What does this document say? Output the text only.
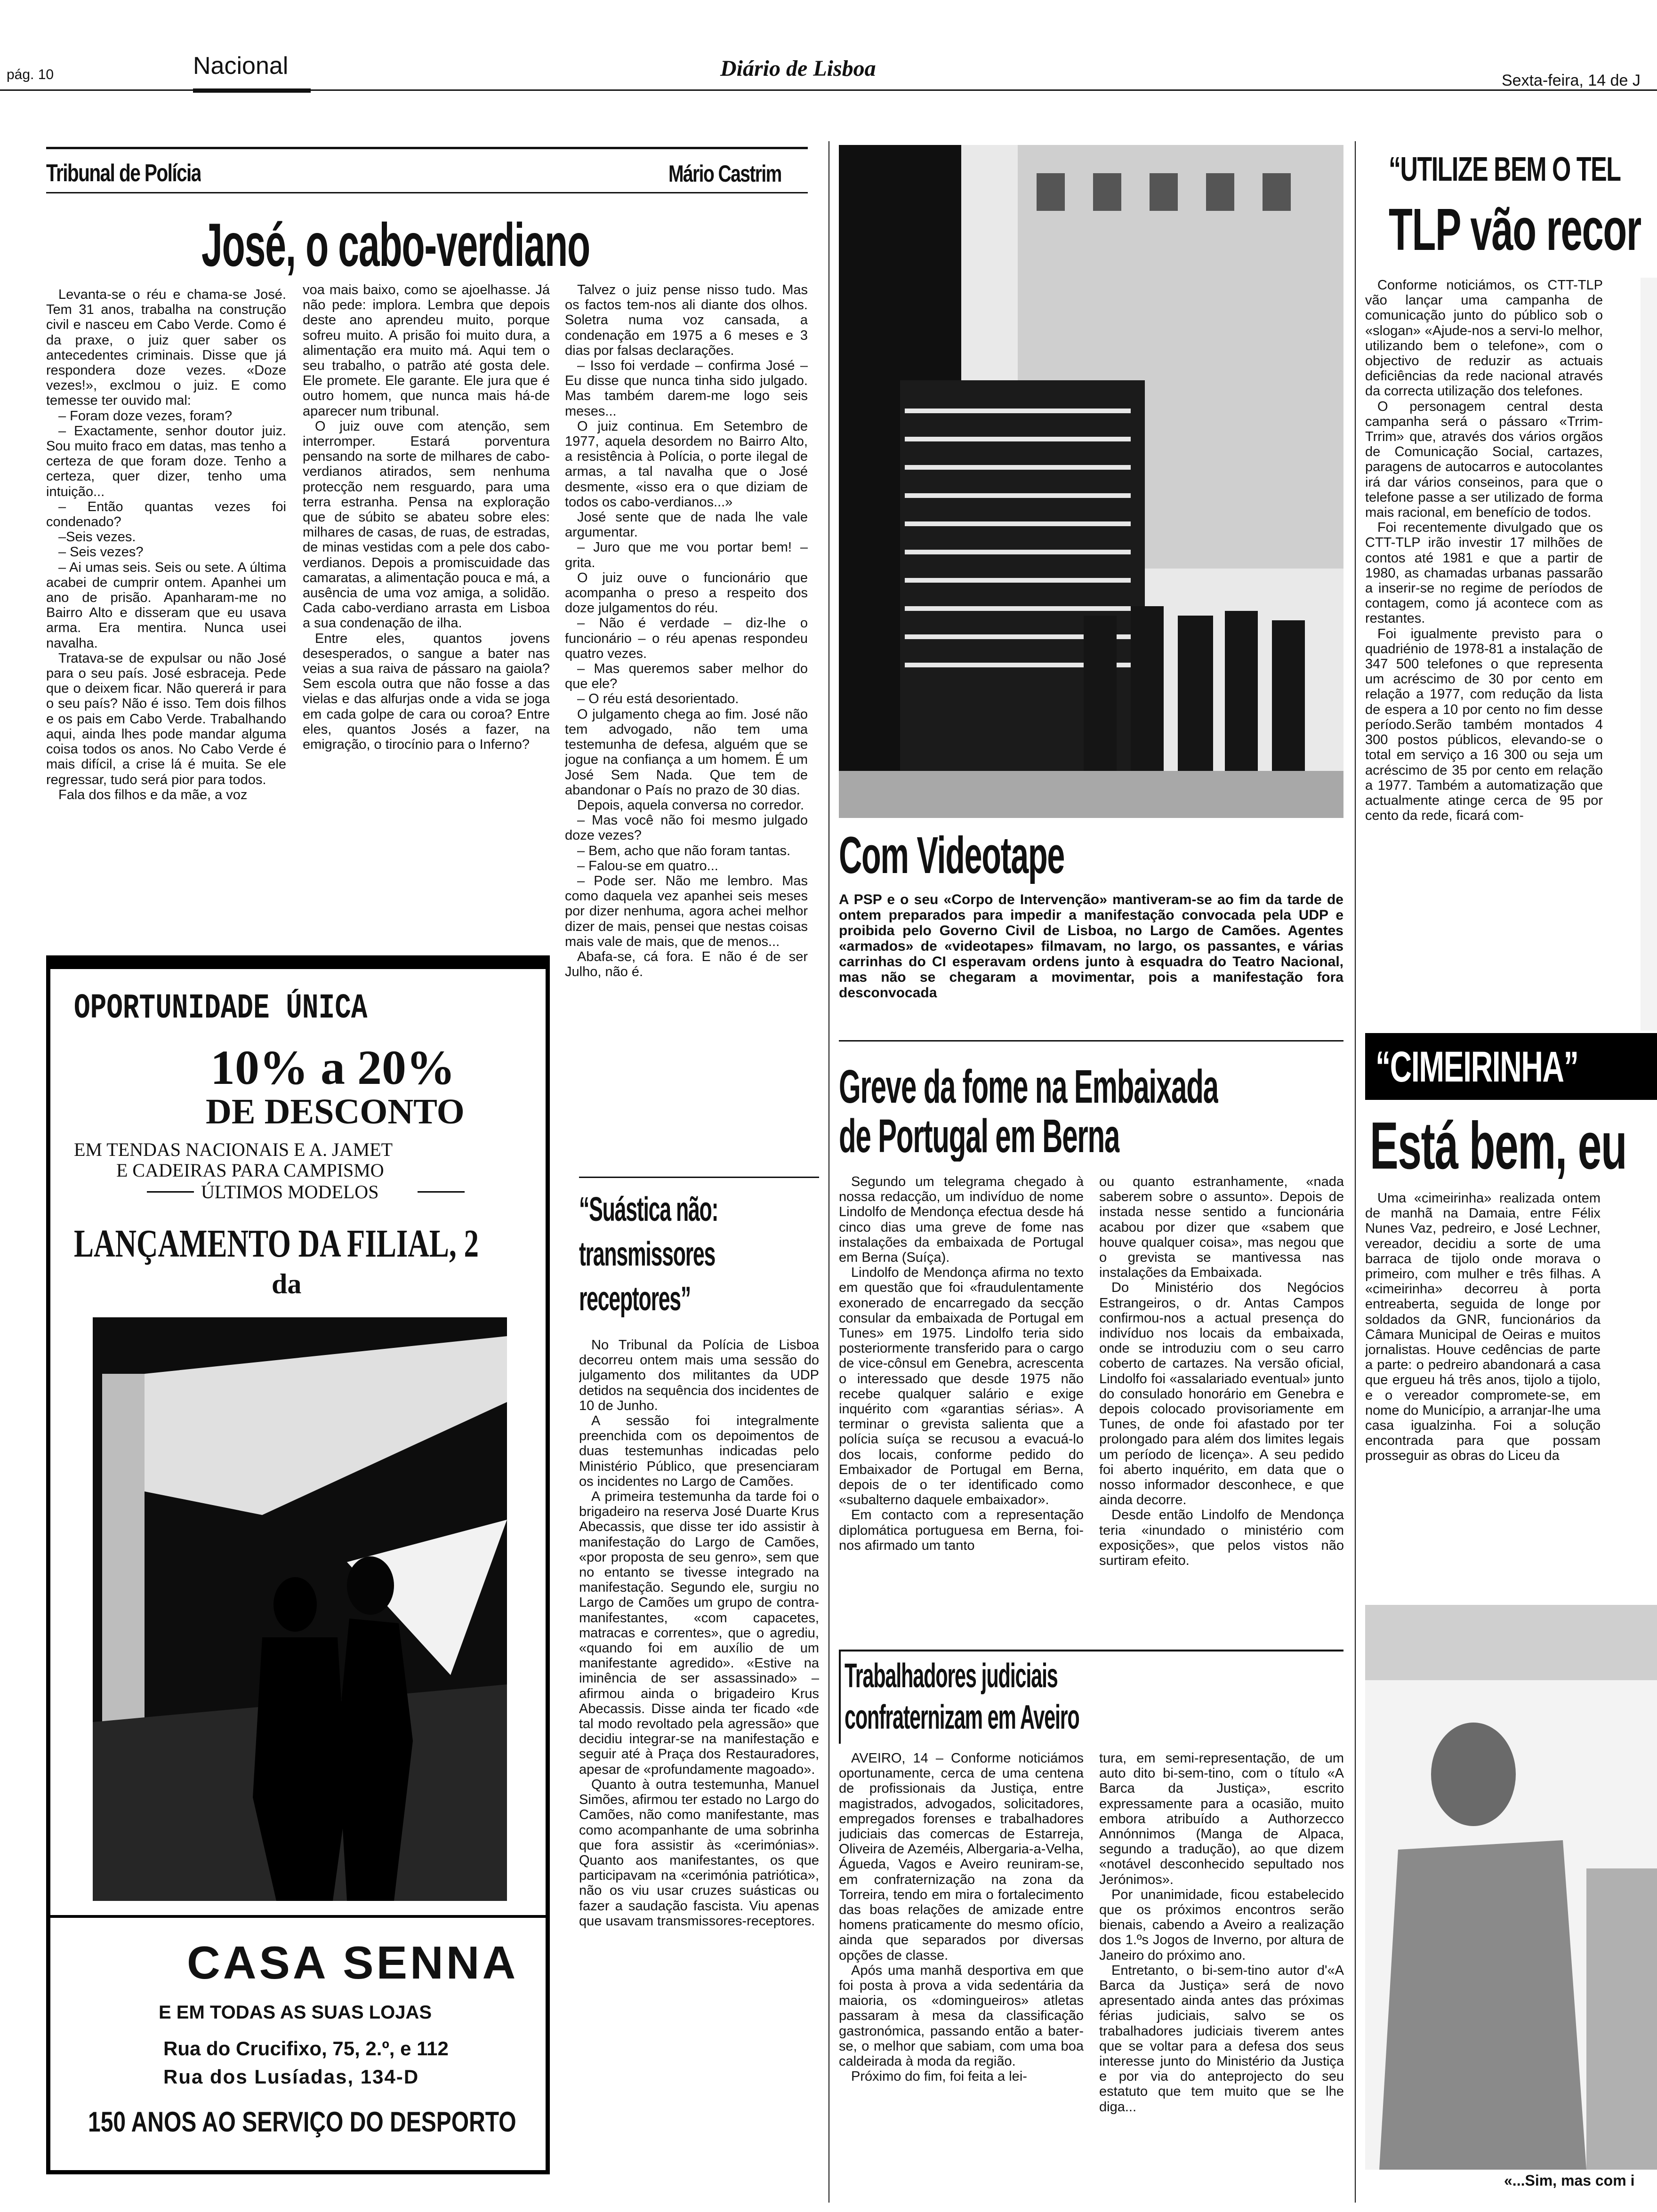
pág. 10	Nacional	Diário de Lisboa	Sexta-feira, 14 de J
Tribunal de Polícia	Mário Castrim
José, o cabo-verdiano

Levanta-se o réu e chama-se José. Tem 31 anos, trabalha na construção civil e nasceu em Cabo Verde. Como é da praxe, o juiz quer saber os antecedentes criminais. Disse que já respondera doze vezes. «Doze vezes!», exclmou o juiz. E como temesse ter ouvido mal:

– Foram doze vezes, foram?

– Exactamente, senhor doutor juiz. Sou muito fraco em datas, mas tenho a certeza de que foram doze. Tenho a certeza, quer dizer, tenho uma intuição...

– Então quantas vezes foi condenado?

–Seis vezes.

– Seis vezes?

– Ai umas seis. Seis ou sete. A última acabei de cumprir ontem. Apanhei um ano de prisão. Apanharam-me no Bairro Alto e disseram que eu usava arma. Era mentira. Nunca usei navalha.

Tratava-se de expulsar ou não José para o seu país. José esbraceja. Pede que o deixem ficar. Não quererá ir para o seu país? Não é isso. Tem dois filhos e os pais em Cabo Verde. Trabalhando aqui, ainda lhes pode mandar alguma coisa todos os anos. No Cabo Verde é mais difícil, a crise lá é muita. Se ele regressar, tudo será pior para todos.

Fala dos filhos e da mãe, a voz

voa mais baixo, como se ajoelhasse. Já não pede: implora. Lembra que depois deste ano aprendeu muito, porque sofreu muito. A prisão foi muito dura, a alimentação era muito má. Aqui tem o seu trabalho, o patrão até gosta dele. Ele promete. Ele garante. Ele jura que é outro homem, que nunca mais há-de aparecer num tribunal.

O juiz ouve com atenção, sem interromper. Estará porventura pensando na sorte de milhares de cabo-verdianos atirados, sem nenhuma protecção nem resguardo, para uma terra estranha. Pensa na exploração que de súbito se abateu sobre eles: milhares de casas, de ruas, de estradas, de minas vestidas com a pele dos cabo-verdianos. Depois a promiscuidade das camaratas, a alimentação pouca e má, a ausência de uma voz amiga, a solidão. Cada cabo-verdiano arrasta em Lisboa a sua condenação de ilha.

Entre eles, quantos jovens desesperados, o sangue a bater nas veias a sua raiva de pássaro na gaiola? Sem escola outra que não fosse a das vielas e das alfurjas onde a vida se joga em cada golpe de cara ou coroa? Entre eles, quantos Josés a fazer, na emigração, o tirocínio para o Inferno?

Talvez o juiz pense nisso tudo. Mas os factos tem-nos ali diante dos olhos. Soletra numa voz cansada, a condenação em 1975 a 6 meses e 3 dias por falsas declarações.

– Isso foi verdade – confirma José – Eu disse que nunca tinha sido julgado. Mas também darem-me logo seis meses...

O juiz continua. Em Setembro de 1977, aquela desordem no Bairro Alto, a resistência à Polícia, o porte ilegal de armas, a tal navalha que o José desmente, «isso era o que diziam de todos os cabo-verdianos...»

José sente que de nada lhe vale argumentar.

– Juro que me vou portar bem! – grita.

O juiz ouve o funcionário que acompanha o preso a respeito dos doze julgamentos do réu.

– Não é verdade – diz-lhe o funcionário – o réu apenas respondeu quatro vezes.

– Mas queremos saber melhor do que ele?

– O réu está desorientado.

O julgamento chega ao fim. José não tem advogado, não tem uma testemunha de defesa, alguém que se jogue na confiança a um homem. É um José Sem Nada. Que tem de abandonar o País no prazo de 30 dias.

Depois, aquela conversa no corredor.

– Mas você não foi mesmo julgado doze vezes?

– Bem, acho que não foram tantas.

– Falou-se em quatro...

– Pode ser. Não me lembro. Mas como daquela vez apanhei seis meses por dizer nenhuma, agora achei melhor dizer de mais, pensei que nestas coisas mais vale de mais, que de menos...

Abafa-se, cá fora. E não é de ser Julho, não é.

OPORTUNIDADE ÚNICA
10% a 20%
DE DESCONTO
EM TENDAS NACIONAIS E A. JAMET
E CADEIRAS PARA CAMPISMO
ÚLTIMOS MODELOS
LANÇAMENTO DA FILIAL, 2
da
CASA SENNA
E EM TODAS AS SUAS LOJAS
Rua do Crucifixo, 75, 2.º, e 112
Rua dos Lusíadas, 134-D
150 ANOS AO SERVIÇO DO DESPORTO
Com Videotape
A PSP e o seu «Corpo de Intervenção» mantiveram-se ao fim da tarde de ontem preparados para impedir a manifestação convocada pela UDP e proibida pelo Governo Civil de Lisboa, no Largo de Camões. Agentes «armados» de «videotapes» filmavam, no largo, os passantes, e várias carrinhas do CI esperavam ordens junto à esquadra do Teatro Nacional, mas não se chegaram a movimentar, pois a manifestação fora desconvocada
“Suástica não:
transmissores
receptores”

No Tribunal da Polícia de Lisboa decorreu ontem mais uma sessão do julgamento dos militantes da UDP detidos na sequência dos incidentes de 10 de Junho.

A sessão foi integralmente preenchida com os depoimentos de duas testemunhas indicadas pelo Ministério Público, que presenciaram os incidentes no Largo de Camões.

A primeira testemunha da tarde foi o brigadeiro na reserva José Duarte Krus Abecassis, que disse ter ido assistir à manifestação do Largo de Camões, «por proposta de seu genro», sem que no entanto se tivesse integrado na manifestação. Segundo ele, surgiu no Largo de Camões um grupo de contra-manifestantes, «com capacetes, matracas e correntes», que o agrediu, «quando foi em auxílio de um manifestante agredido». «Estive na iminência de ser assassinado» – afirmou ainda o brigadeiro Krus Abecassis. Disse ainda ter ficado «de tal modo revoltado pela agressão» que decidiu integrar-se na manifestação e seguir até à Praça dos Restauradores, apesar de «profundamente magoado».

Quanto à outra testemunha, Manuel Simões, afirmou ter estado no Largo do Camões, não como manifestante, mas como acompanhante de uma sobrinha que fora assistir às «cerimónias». Quanto aos manifestantes, os que participavam na «cerimónia patriótica», não os viu usar cruzes suásticas ou fazer a saudação fascista. Viu apenas que usavam transmissores-receptores.

Greve da fome na Embaixada
de Portugal em Berna

Segundo um telegrama chegado à nossa redacção, um indivíduo de nome Lindolfo de Mendonça efectua desde há cinco dias uma greve de fome nas instalações da embaixada de Portugal em Berna (Suíça).

Lindolfo de Mendonça afirma no texto em questão que foi «fraudulentamente exonerado de encarregado da secção consular da embaixada de Portugal em Tunes» em 1975. Lindolfo teria sido posteriormente transferido para o cargo de vice-cônsul em Genebra, acrescenta o interessado que desde 1975 não recebe qualquer salário e exige inquérito com «garantias sérias». A terminar o grevista salienta que a polícia suíça se recusou a evacuá-lo dos locais, conforme pedido do Embaixador de Portugal em Berna, depois de o ter identificado como «subalterno daquele embaixador».

Em contacto com a representação diplomática portuguesa em Berna, foi-nos afirmado um tanto

ou quanto estranhamente, «nada saberem sobre o assunto». Depois de instada nesse sentido a funcionária acabou por dizer que «sabem que houve qualquer coisa», mas negou que o grevista se mantivessa nas instalações da Embaixada.

Do Ministério dos Negócios Estrangeiros, o dr. Antas Campos confirmou-nos a actual presença do indivíduo nos locais da embaixada, onde se introduziu com o seu carro coberto de cartazes. Na versão oficial, Lindolfo foi «assalariado eventual» junto do consulado honorário em Genebra e depois colocado provisoriamente em Tunes, de onde foi afastado por ter prolongado para além dos limites legais um período de licença». A seu pedido foi aberto inquérito, em data que o nosso informador desconhece, e que ainda decorre.

Desde então Lindolfo de Mendonça teria «inundado o ministério com exposições», que pelos vistos não surtiram efeito.

Trabalhadores judiciais
confraternizam em Aveiro

AVEIRO, 14 – Conforme noticiámos oportunamente, cerca de uma centena de profissionais da Justiça, entre magistrados, advogados, solicitadores, empregados forenses e trabalhadores judiciais das comercas de Estarreja, Oliveira de Azeméis, Albergaria-a-Velha, Águeda, Vagos e Aveiro reuniram-se, em confraternização na zona da Torreira, tendo em mira o fortalecimento das boas relações de amizade entre homens praticamente do mesmo ofício, ainda que separados por diversas opções de classe.

Após uma manhã desportiva em que foi posta à prova a vida sedentária da maioria, os «domingueiros» atletas passaram à mesa da classificação gastronómica, passando então a bater-se, o melhor que sabiam, com uma boa caldeirada à moda da região.

Próximo do fim, foi feita a lei-

tura, em semi-representação, de um auto dito bi-sem-tino, com o título «A Barca da Justiça», escrito expressamente para a ocasião, muito embora atribuído a Authorzecco Annónnimos (Manga de Alpaca, segundo a tradução), ao que dizem «notável desconhecido sepultado nos Jerónimos».

Por unanimidade, ficou estabelecido que os próximos encontros serão bienais, cabendo a Aveiro a realização dos 1.ºs Jogos de Inverno, por altura de Janeiro do próximo ano.

Entretanto, o bi-sem-tino autor d'«A Barca da Justiça» será de novo apresentado ainda antes das próximas férias judiciais, salvo se os trabalhadores judiciais tiverem antes que se voltar para a defesa dos seus interesse junto do Ministério da Justiça e por via do anteprojecto do seu estatuto que tem muito que se lhe diga...

“UTILIZE BEM O TEL
TLP vão recor

Conforme noticiámos, os CTT-TLP vão lançar uma campanha de comunicação junto do público sob o «slogan» «Ajude-nos a servi-lo melhor, utilizando bem o telefone», com o objectivo de reduzir as actuais deficiências da rede nacional através da correcta utilização dos telefones.

O personagem central desta campanha será o pássaro «Trrim-Trrim» que, através dos vários orgãos de Comunicação Social, cartazes, paragens de autocarros e autocolantes irá dar vários conseinos, para que o telefone passe a ser utilizado de forma mais racional, em benefício de todos.

Foi recentemente divulgado que os CTT-TLP irão investir 17 milhões de contos até 1981 e que a partir de 1980, as chamadas urbanas passarão a inserir-se no regime de períodos de contagem, como já acontece com as restantes.

Foi igualmente previsto para o quadriénio de 1978-81 a instalação de 347 500 telefones o que representa um acréscimo de 30 por cento em relação a 1977, com redução da lista de espera a 10 por cento no fim desse período.Serão também montados 4 300 postos públicos, elevando-se o total em serviço a 16 300 ou seja um acréscimo de 35 por cento em relação a 1977. Também a automatização que actualmente atinge cerca de 95 por cento da rede, ficará com-

“CIMEIRINHA”
Está bem, eu

Uma «cimeirinha» realizada ontem de manhã na Damaia, entre Félix Nunes Vaz, pedreiro, e José Lechner, vereador, decidiu a sorte de uma barraca de tijolo onde morava o primeiro, com mulher e três filhas. A «cimeirinha» decorreu à porta entreaberta, seguida de longe por soldados da GNR, funcionários da Câmara Municipal de Oeiras e muitos jornalistas. Houve cedências de parte a parte: o pedreiro abandonará a casa que ergueu há três anos, tijolo a tijolo, e o vereador compromete-se, em nome do Município, a arranjar-lhe uma casa igualzinha. Foi a solução encontrada para que possam prosseguir as obras do Liceu da

«...Sim, mas com i
